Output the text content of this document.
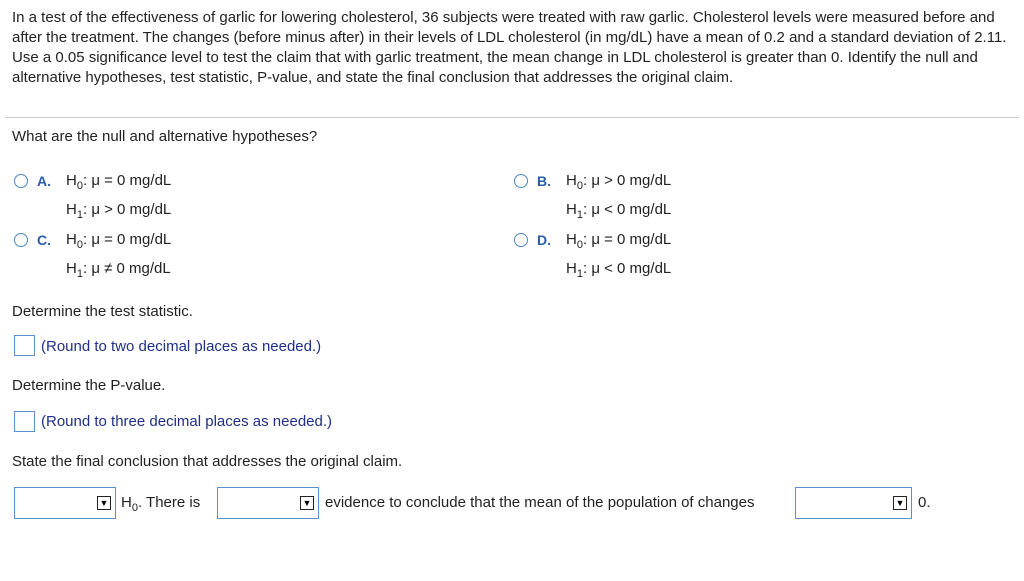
In a test of the effectiveness of garlic for lowering cholesterol, 36 subjects were treated with raw garlic. Cholesterol levels were measured before and after the treatment. The changes (before minus after) in their levels of LDL cholesterol (in mg/dL) have a mean of 0.2 and a standard deviation of 2.11. Use a 0.05 significance level to test the claim that with garlic treatment, the mean change in LDL cholesterol is greater than 0. Identify the null and alternative hypotheses, test statistic, P-value, and state the final conclusion that addresses the original claim.

What are the null and alternative hypotheses?

A. $H_0$: μ = 0 mg/dL
$H_1$: μ > 0 mg/dL
B. $H_0$: μ > 0 mg/dL
$H_1$: μ < 0 mg/dL
C. $H_0$: μ = 0 mg/dL
$H_1$: μ ≠ 0 mg/dL
D. $H_0$: μ = 0 mg/dL
$H_1$: μ < 0 mg/dL

Determine the test statistic.

(Round to two decimal places as needed.)

Determine the P-value.

(Round to three decimal places as needed.)

State the final conclusion that addresses the original claim.

▼ $H_0$. There is	▼ evidence to conclude that the mean of the population of changes	▼ 0.
